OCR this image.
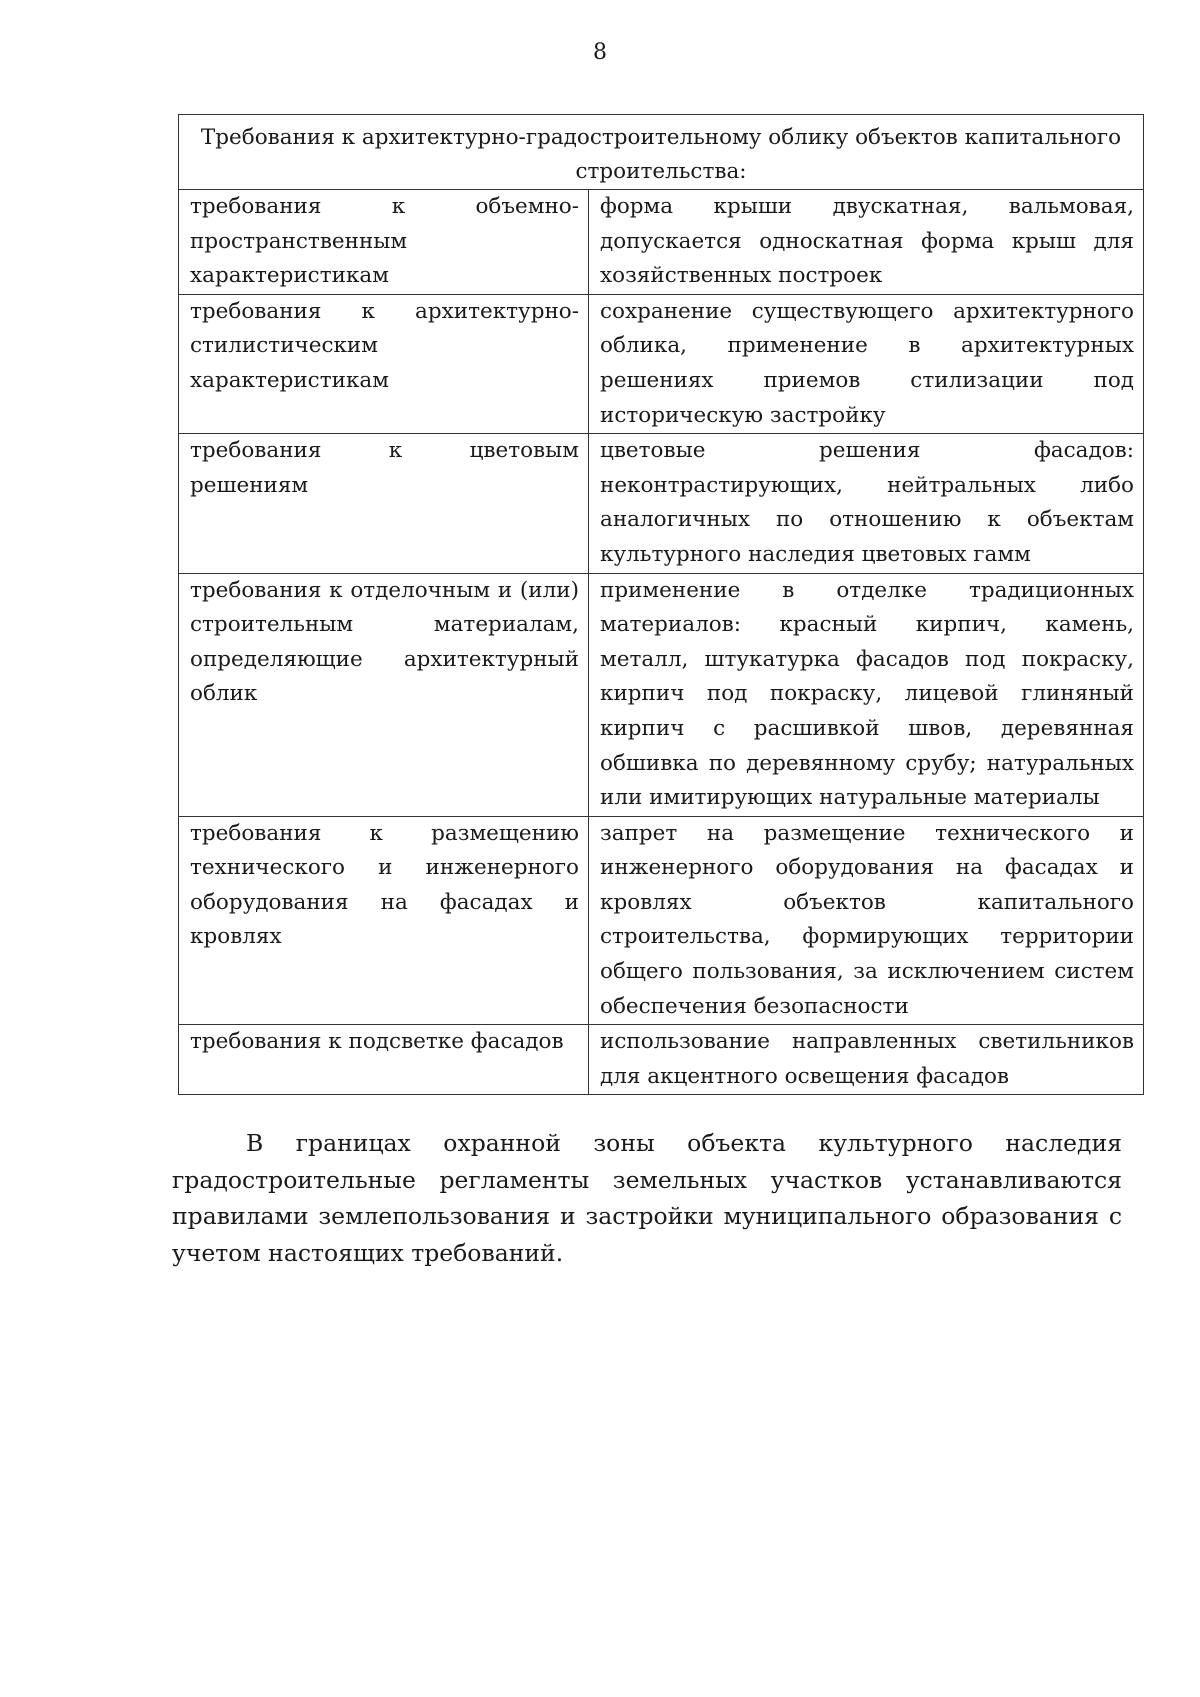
8
Требования к архитектурно-градостроительному облику объектов капитального строительства:	
требования к объемно-пространственным характеристикам	форма крыши двускатная, вальмовая, допускается односкатная форма крыш для хозяйственных построек
требования к архитектурно-стилистическим характеристикам	сохранение существующего архитектурного облика, применение в архитектурных решениях приемов стилизации под историческую застройку
требования к цветовым решениям	цветовые решения фасадов: неконтрастирующих, нейтральных либо аналогичных по отношению к объектам культурного наследия цветовых гамм
требования к отделочным и (или) строительным материалам, определяющие архитектурный облик	применение в отделке традиционных материалов: красный кирпич, камень, металл, штукатурка фасадов под покраску, кирпич под покраску, лицевой глиняный кирпич с расшивкой швов, деревянная обшивка по деревянному срубу; натуральных или имитирующих натуральные материалы
требования к размещению технического и инженерного оборудования на фасадах и кровлях	запрет на размещение технического и инженерного оборудования на фасадах и кровлях объектов капитального строительства, формирующих территории общего пользования, за исключением систем обеспечения безопасности
требования к подсветке фасадов	использование направленных светильников для акцентного освещения фасадов

В границах охранной зоны объекта культурного наследия градостроительные регламенты земельных участков устанавливаются правилами землепользования и застройки муниципального образования с учетом настоящих требований.
